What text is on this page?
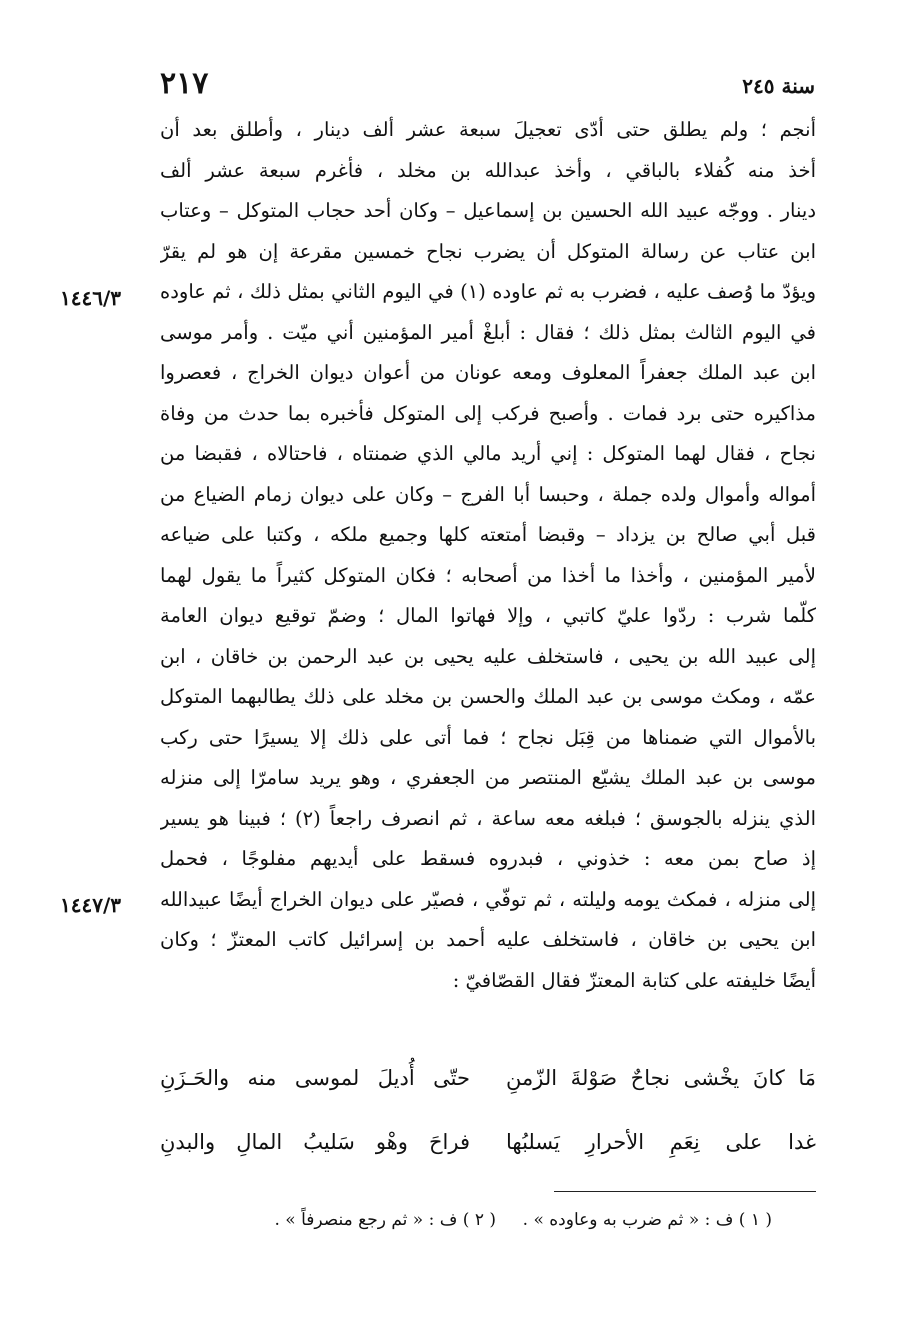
٢١٧	سنة ٢٤٥
أنجم ؛ ولم يطلق حتى أدّى تعجيلَ سبعة عشر ألف دينار ، وأطلق بعد أن
أخذ منه كُفلاء بالباقي ، وأخذ عبدالله بن مخلد ، فأغرم سبعة عشر ألف
دينار . ووجّه عبيد الله الحسين بن إسماعيل – وكان أحد حجاب المتوكل – وعتاب
ابن عتاب عن رسالة المتوكل أن يضرب نجاح خمسين مقرعة إن هو لم يقرّ
ويؤدّ ما وُصف عليه ، فضرب به ثم عاوده (١) في اليوم الثاني بمثل ذلك ، ثم عاوده
في اليوم الثالث بمثل ذلك ؛ فقال : أبلغْ أمير المؤمنين أني ميّت . وأمر موسى
ابن عبد الملك جعفراً المعلوف ومعه عونان من أعوان ديوان الخراج ، فعصروا
مذاكيره حتى برد فمات . وأصبح فركب إلى المتوكل فأخبره بما حدث من وفاة
نجاح ، فقال لهما المتوكل : إني أريد مالي الذي ضمنتاه ، فاحتالاه ، فقبضا من
أمواله وأموال ولده جملة ، وحبسا أبا الفرج – وكان على ديوان زمام الضياع من
قبل أبي صالح بن يزداد – وقبضا أمتعته كلها وجميع ملكه ، وكتبا على ضياعه
لأمير المؤمنين ، وأخذا ما أخذا من أصحابه ؛ فكان المتوكل كثيراً ما يقول لهما
كلّما شرب : ردّوا عليّ كاتبي ، وإلا فهاتوا المال ؛ وضمّ توقيع ديوان العامة
إلى عبيد الله بن يحيى ، فاستخلف عليه يحيى بن عبد الرحمن بن خاقان ، ابن
عمّه ، ومكث موسى بن عبد الملك والحسن بن مخلد على ذلك يطالبهما المتوكل
بالأموال التي ضمناها من قِبَل نجاح ؛ فما أتى على ذلك إلا يسيرًا حتى ركب
موسى بن عبد الملك يشيّع المنتصر من الجعفري ، وهو يريد سامرّا إلى منزله
الذي ينزله بالجوسق ؛ فبلغه معه ساعة ، ثم انصرف راجعاً (٢) ؛ فبينا هو يسير
إذ صاح بمن معه : خذوني ، فبدروه فسقط على أيديهم مفلوجًا ، فحمل
إلى منزله ، فمكث يومه وليلته ، ثم توفّي ، فصيّر على ديوان الخراج أيضًا عبيدالله
ابن يحيى بن خاقان ، فاستخلف عليه أحمد بن إسرائيل كاتب المعتزّ ؛ وكان
أيضًا خليفته على كتابة المعتزّ فقال القصّافيّ :
١٤٤٦/٣
١٤٤٧/٣
مَا كانَ يخْشى نجاحٌ صَوْلةَ الزّمنِ
حتّى أُديلَ لموسى منه والحَـزَنِ
غدا على نِعَمِ الأحرارِ يَسلبُها
فراحَ وهْو سَليبُ المالِ والبدنِ
( ١ ) ف : « ثم ضرب به وعاوده » .
( ٢ ) ف : « ثم رجع منصرفاً » .
